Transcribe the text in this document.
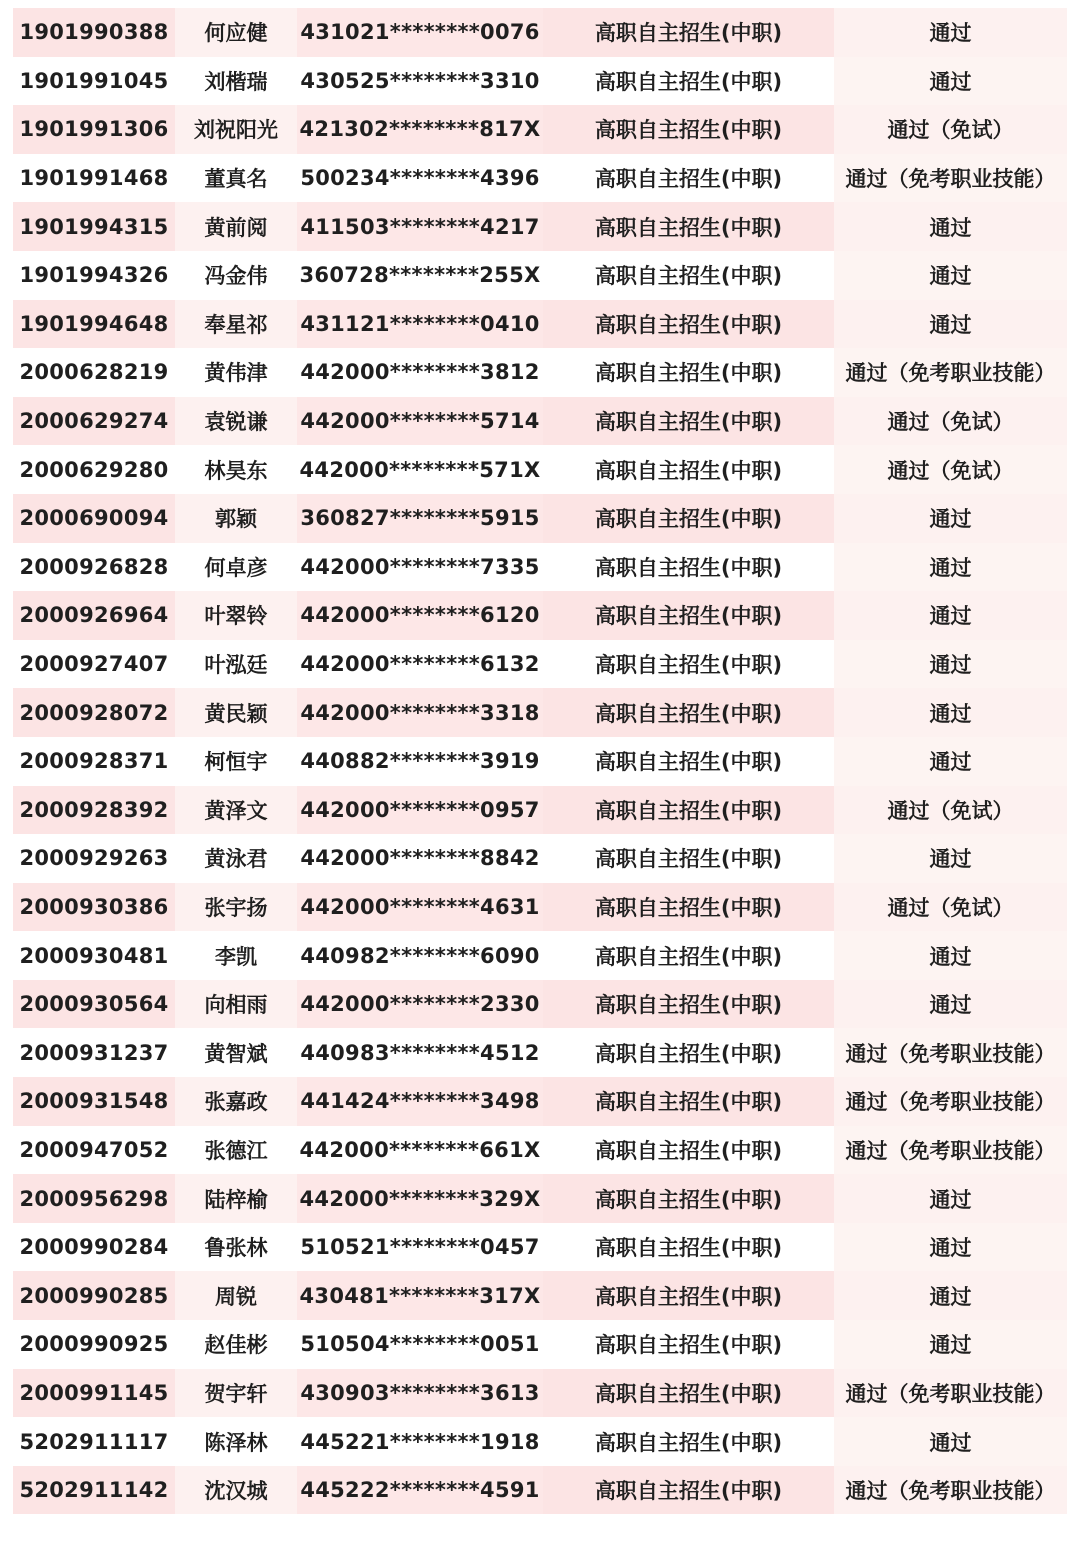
1901990388	何应健	431021********0076	高职自主招生(中职)	通过
1901991045	刘楷瑞	430525********3310	高职自主招生(中职)	通过
1901991306	刘祝阳光	421302********817X	高职自主招生(中职)	通过（免试）
1901991468	董真名	500234********4396	高职自主招生(中职)	通过（免考职业技能）
1901994315	黄前阅	411503********4217	高职自主招生(中职)	通过
1901994326	冯金伟	360728********255X	高职自主招生(中职)	通过
1901994648	奉星祁	431121********0410	高职自主招生(中职)	通过
2000628219	黄伟津	442000********3812	高职自主招生(中职)	通过（免考职业技能）
2000629274	袁锐谦	442000********5714	高职自主招生(中职)	通过（免试）
2000629280	林昊东	442000********571X	高职自主招生(中职)	通过（免试）
2000690094	郭颖	360827********5915	高职自主招生(中职)	通过
2000926828	何卓彦	442000********7335	高职自主招生(中职)	通过
2000926964	叶翠铃	442000********6120	高职自主招生(中职)	通过
2000927407	叶泓廷	442000********6132	高职自主招生(中职)	通过
2000928072	黄民颖	442000********3318	高职自主招生(中职)	通过
2000928371	柯恒宇	440882********3919	高职自主招生(中职)	通过
2000928392	黄泽文	442000********0957	高职自主招生(中职)	通过（免试）
2000929263	黄泳君	442000********8842	高职自主招生(中职)	通过
2000930386	张宇扬	442000********4631	高职自主招生(中职)	通过（免试）
2000930481	李凯	440982********6090	高职自主招生(中职)	通过
2000930564	向相雨	442000********2330	高职自主招生(中职)	通过
2000931237	黄智斌	440983********4512	高职自主招生(中职)	通过（免考职业技能）
2000931548	张嘉政	441424********3498	高职自主招生(中职)	通过（免考职业技能）
2000947052	张德江	442000********661X	高职自主招生(中职)	通过（免考职业技能）
2000956298	陆梓榆	442000********329X	高职自主招生(中职)	通过
2000990284	鲁张林	510521********0457	高职自主招生(中职)	通过
2000990285	周锐	430481********317X	高职自主招生(中职)	通过
2000990925	赵佳彬	510504********0051	高职自主招生(中职)	通过
2000991145	贺宇轩	430903********3613	高职自主招生(中职)	通过（免考职业技能）
5202911117	陈泽林	445221********1918	高职自主招生(中职)	通过
5202911142	沈汉城	445222********4591	高职自主招生(中职)	通过（免考职业技能）
